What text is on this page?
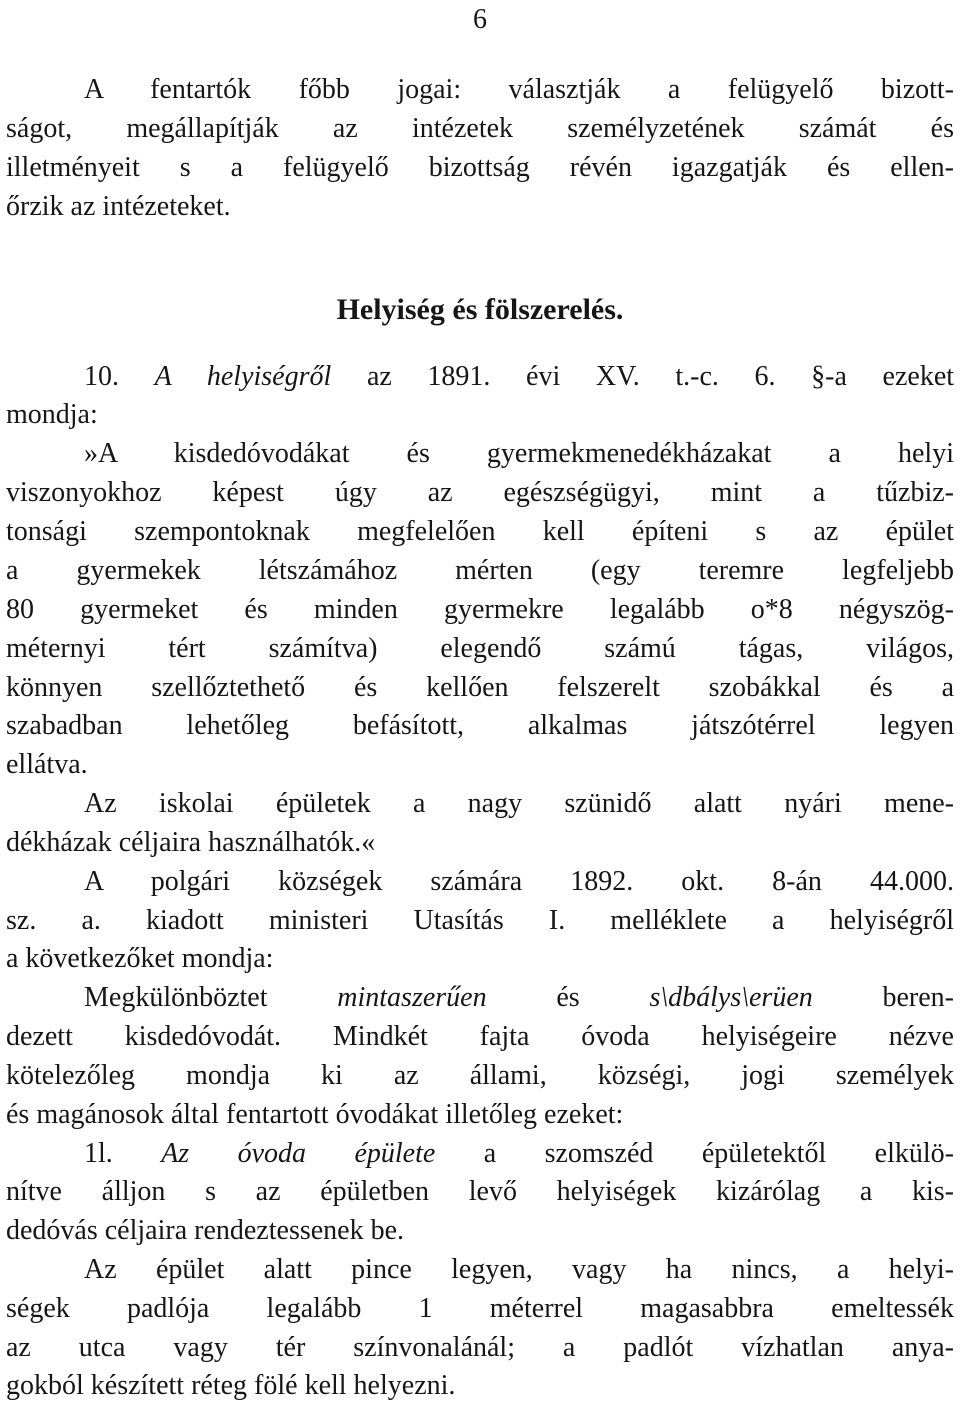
6
A fentartók főbb jogai: választják a felügyelő bizott-
ságot, megállapítják az intézetek személyzetének számát és
illetményeit s a felügyelő bizottság révén igazgatják és ellen-
őrzik az intézeteket.
Helyiség és fölszerelés.
10. A helyiségről az 1891. évi XV. t.-c. 6. §-a ezeket
mondja:
»A kisdedóvodákat és gyermekmenedékházakat a helyi
viszonyokhoz képest úgy az egészségügyi, mint a tűzbiz-
tonsági szempontoknak megfelelően kell építeni s az épület
a gyermekek létszámához mérten (egy teremre legfeljebb
80 gyermeket és minden gyermekre legalább o*8 négyszög-
méternyi tért számítva) elegendő számú tágas, világos,
könnyen szellőztethető és kellően felszerelt szobákkal és a
szabadban lehetőleg befásított, alkalmas játszótérrel legyen
ellátva.
Az iskolai épületek a nagy szünidő alatt nyári mene-
dékházak céljaira használhatók.«
A polgári községek számára 1892. okt. 8-án 44.000.
sz. a. kiadott ministeri Utasítás I. melléklete a helyiségről
a következőket mondja:
Megkülönböztet mintaszerűen és s\dbálys\erüen beren-
dezett kisdedóvodát. Mindkét fajta óvoda helyiségeire nézve
kötelezőleg mondja ki az állami, községi, jogi személyek
és magánosok által fentartott óvodákat illetőleg ezeket:
1l. Az óvoda épülete a szomszéd épületektől elkülö-
nítve álljon s az épületben levő helyiségek kizárólag a kis-
dedóvás céljaira rendeztessenek be.
Az épület alatt pince legyen, vagy ha nincs, a helyi-
ségek padlója legalább 1 méterrel magasabbra emeltessék
az utca vagy tér színvonalánál; a padlót vízhatlan anya-
gokból készített réteg fölé kell helyezni.
